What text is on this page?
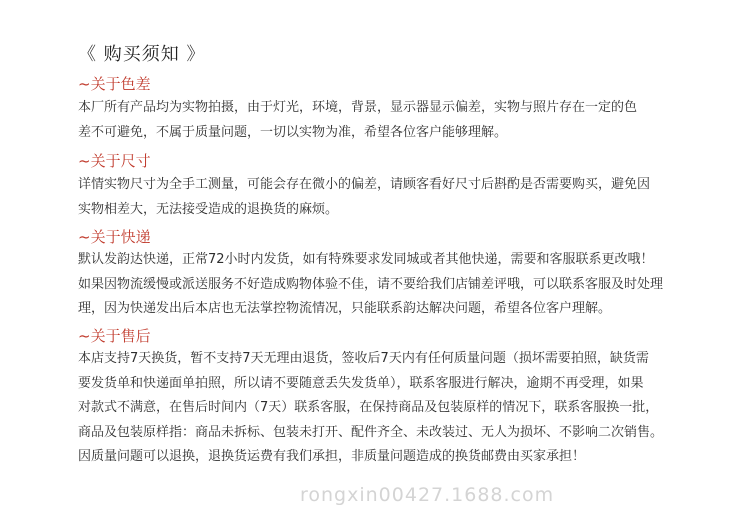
《 购买须知 》
~关于色差
本厂所有产品均为实物拍摄，由于灯光，环境，背景，显示器显示偏差，实物与照片存在一定的色
差不可避免，不属于质量问题，一切以实物为准，希望各位客户能够理解。
~关于尺寸
详情实物尺寸为全手工测量，可能会存在微小的偏差，请顾客看好尺寸后斟酌是否需要购买，避免因
实物相差大，无法接受造成的退换货的麻烦。
~关于快递
默认发韵达快递，正常72小时内发货，如有特殊要求发同城或者其他快递，需要和客服联系更改哦！
如果因物流缓慢或派送服务不好造成购物体验不佳，请不要给我们店铺差评哦，可以联系客服及时处理
理，因为快递发出后本店也无法掌控物流情况，只能联系韵达解决问题，希望各位客户理解。
~关于售后
本店支持7天换货，暂不支持7天无理由退货，签收后7天内有任何质量问题（损坏需要拍照，缺货需
要发货单和快递面单拍照，所以请不要随意丢失发货单），联系客服进行解决，逾期不再受理，如果
对款式不满意，在售后时间内（7天）联系客服，在保持商品及包装原样的情况下，联系客服换一批，
商品及包装原样指：商品未拆标、包装未打开、配件齐全、未改装过、无人为损坏、不影响二次销售。
因质量问题可以退换，退换货运费有我们承担，非质量问题造成的换货邮费由买家承担！
rongxin00427.1688.com
